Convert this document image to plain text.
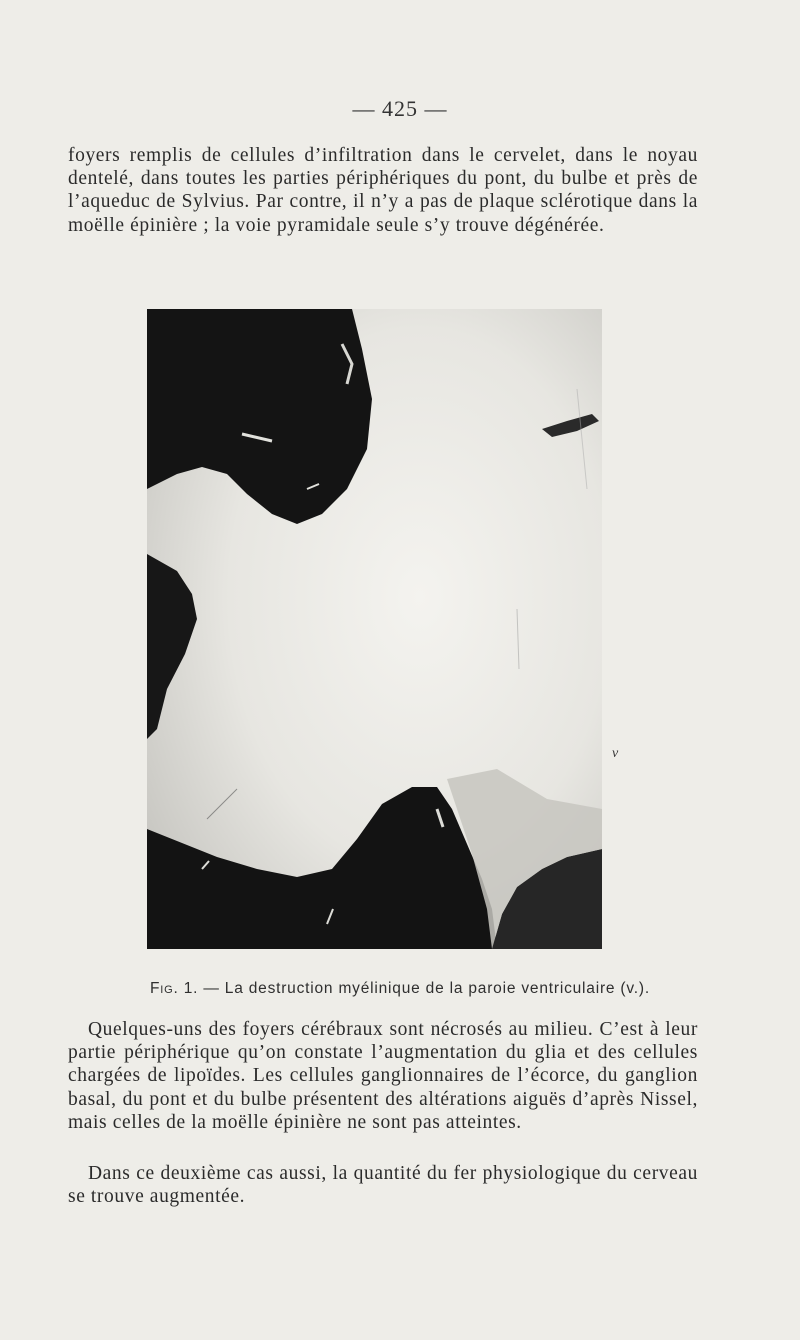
— 425 —

foyers remplis de cellules d’infiltration dans le cervelet, dans le noyau dentelé, dans toutes les parties périphériques du pont, du bulbe et près de l’aqueduc de Sylvius. Par contre, il n’y a pas de plaque sclérotique dans la moëlle épinière ; la voie pyramidale seule s’y trouve dégénérée.

v
Fig. 1. — La destruction myélinique de la paroie ventriculaire (v.).

Quelques-uns des foyers cérébraux sont nécrosés au milieu. C’est à leur partie périphérique qu’on constate l’augmentation du glia et des cellules chargées de lipoïdes. Les cellules ganglionnaires de l’écorce, du ganglion basal, du pont et du bulbe présentent des altérations aiguës d’après Nissel, mais celles de la moëlle épinière ne sont pas atteintes.

Dans ce deuxième cas aussi, la quantité du fer physiologique du cerveau se trouve augmentée.
